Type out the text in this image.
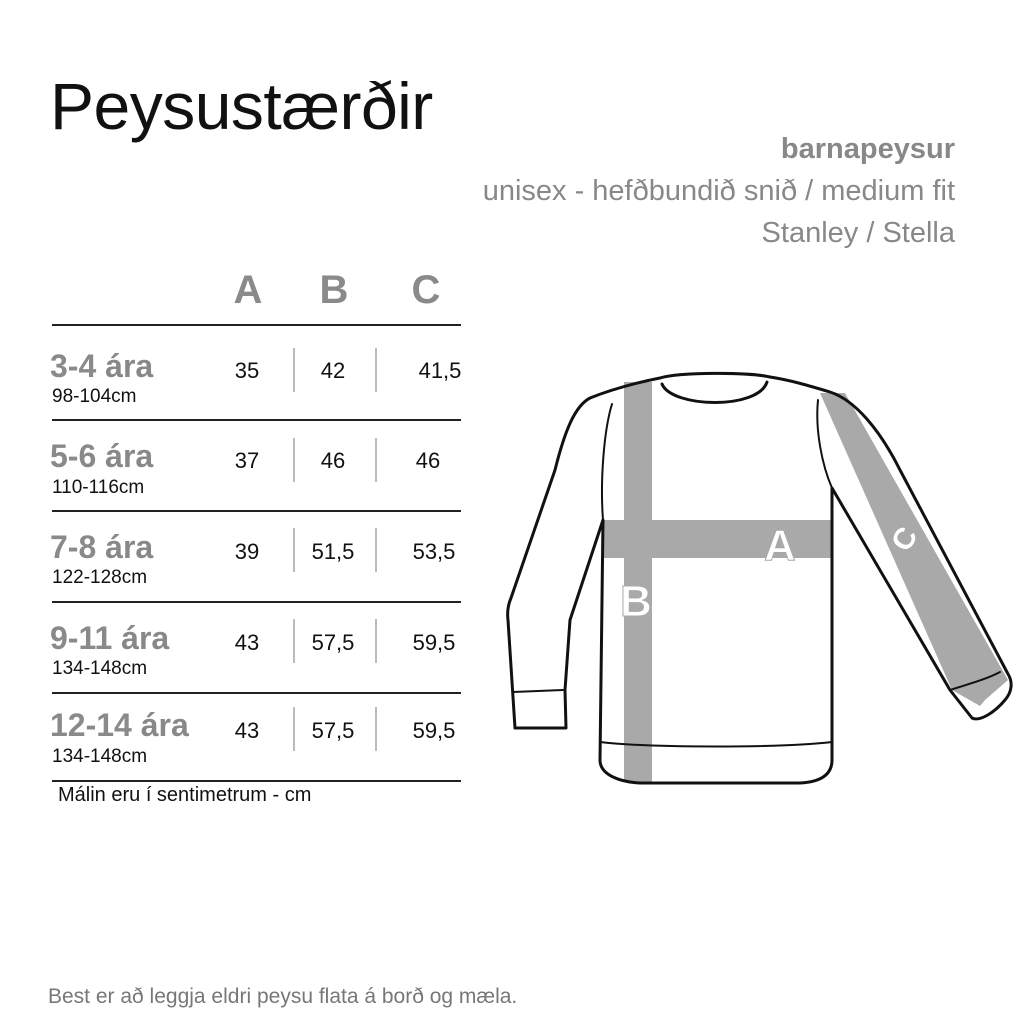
Peysustærðir
barnapeysur
unisex - hefðbundið snið / medium fit
Stanley / Stella
A	B	C
3-4 ára
98-104cm
35	42	41,5
5-6 ára
110-116cm
37	46	46
7-8 ára
122-128cm
39	51,5	53,5
9-11 ára
134-148cm
43	57,5	59,5
12-14 ára
134-148cm
43	57,5	59,5
Málin eru í sentimetrum - cm
A
B
C
Best er að leggja eldri peysu flata á borð og mæla.
